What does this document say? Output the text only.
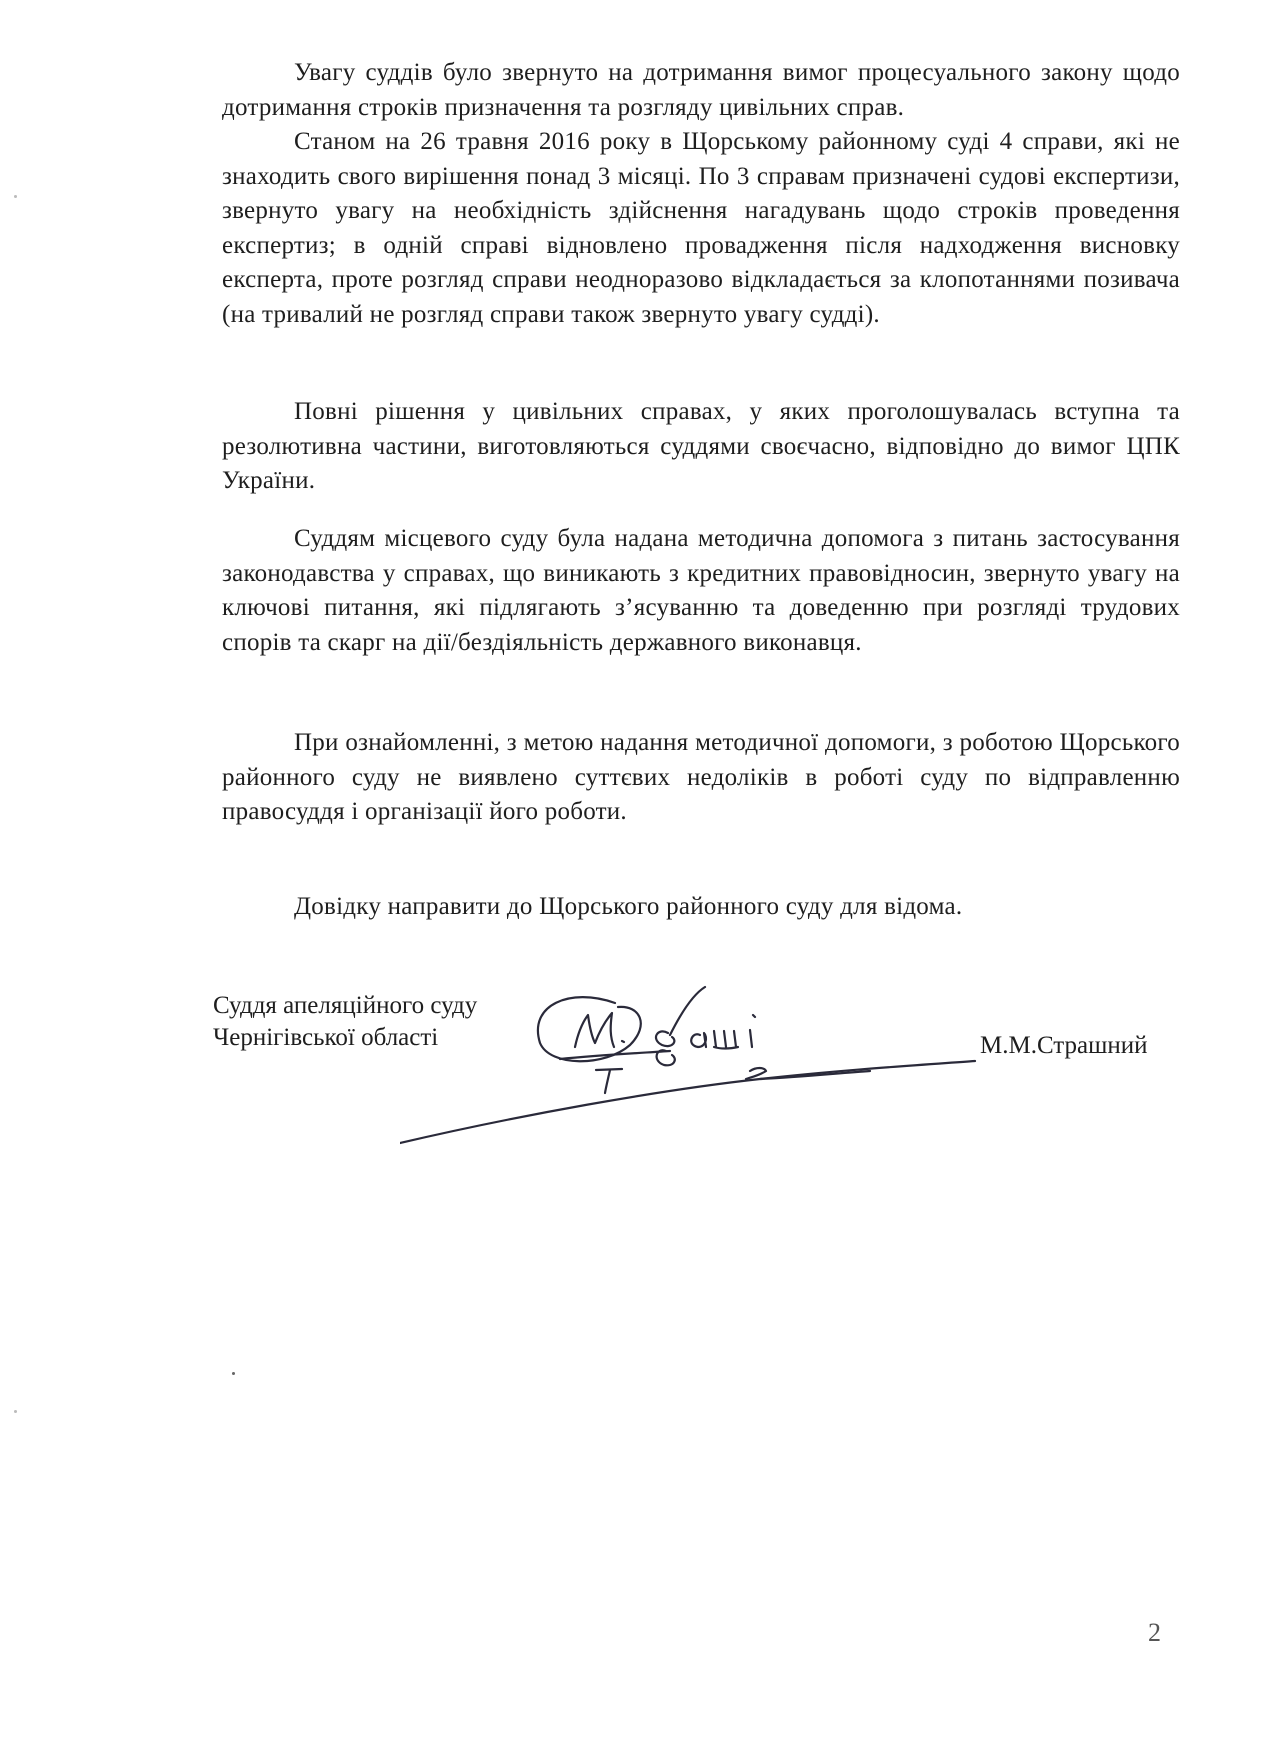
Увагу суддів було звернуто на дотримання вимог процесуального закону щодо дотримання строків призначення та розгляду цивільних справ.

Станом на 26 травня 2016 року в Щорському районному суді 4 справи, які не знаходить свого вирішення понад 3 місяці. По 3 справам призначені судові експертизи, звернуто увагу на необхідність здійснення нагадувань щодо строків проведення експертиз; в одній справі відновлено провадження після надходження висновку експерта, проте розгляд справи неодноразово відкладається за клопотаннями позивача (на тривалий не розгляд справи також звернуто увагу судді).

Повні рішення у цивільних справах, у яких проголошувалась вступна та резолютивна частини, виготовляються суддями своєчасно, відповідно до вимог ЦПК України.

Суддям місцевого суду була надана методична допомога з питань застосування законодавства у справах, що виникають з кредитних правовідносин, звернуто увагу на ключові питання, які підлягають з’ясуванню та доведенню при розгляді трудових спорів та скарг на дії/бездіяльність державного виконавця.

При ознайомленні, з метою надання методичної допомоги, з роботою Щорського районного суду не виявлено суттєвих недоліків в роботі суду по відправленню правосуддя і організації його роботи.

Довідку направити до Щорського районного суду для відома.

Суддя апеляційного суду
Чернігівської області	М.М.Страшний
2
